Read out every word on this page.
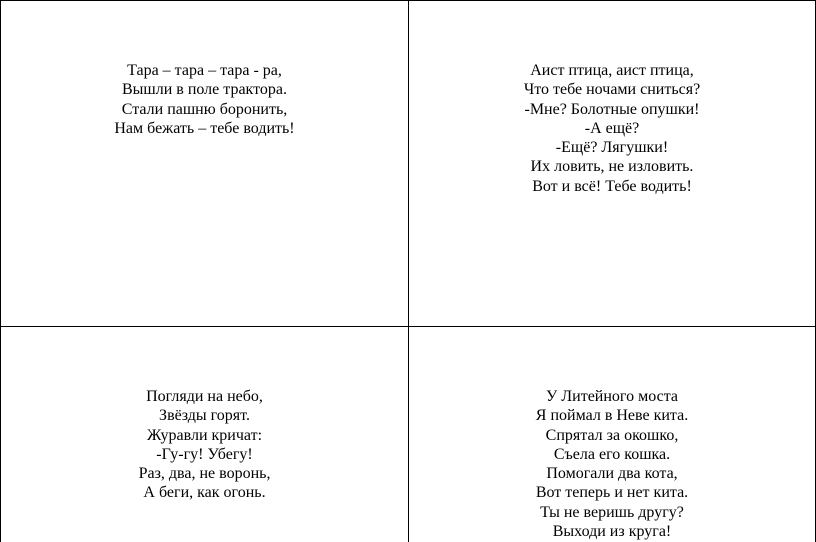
Тара – тара – тара - ра,
Вышли в поле трактора.
Стали пашню боронить,
Нам бежать – тебе водить!
Аист птица, аист птица,
Что тебе ночами сниться?
-Мне? Болотные опушки!
-А ещё?
-Ещё? Лягушки!
Их ловить, не изловить.
Вот и всё! Тебе водить!
Погляди на небо,
Звёзды горят.
Журавли кричат:
-Гу-гу! Убегу!
Раз, два, не воронь,
А беги, как огонь.
У Литейного моста
Я поймал в Неве кита.
Спрятал за окошко,
Съела его кошка.
Помогали два кота,
Вот теперь и нет кита.
Ты не веришь другу?
Выходи из круга!
